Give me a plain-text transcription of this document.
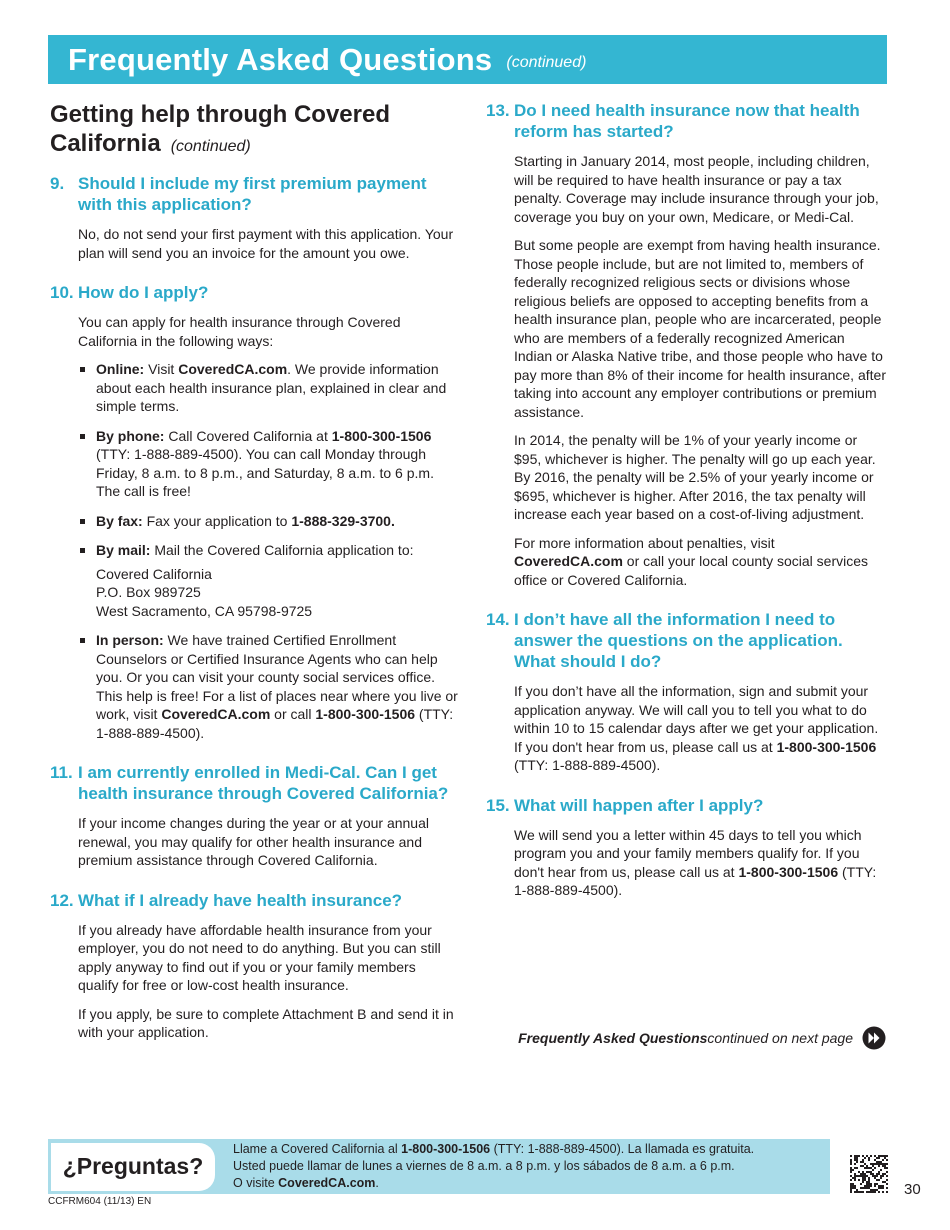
Frequently Asked Questions (continued)
Getting help through Covered California (continued)
9. Should I include my first premium payment with this application?

No, do not send your first payment with this application. Your plan will send you an invoice for the amount you owe.

10. How do I apply?

You can apply for health insurance through Covered California in the following ways:

Online: Visit CoveredCA.com. We provide information about each health insurance plan, explained in clear and simple terms.
By phone: Call Covered California at 1-800-300-1506 (TTY: 1-888-889-4500). You can call Monday through Friday, 8 a.m. to 8 p.m., and Saturday, 8 a.m. to 6 p.m. The call is free!
By fax: Fax your application to 1-888-329-3700.
By mail: Mail the Covered California application to:
Covered California
P.O. Box 989725
West Sacramento, CA 95798-9725
In person: We have trained Certified Enrollment Counselors or Certified Insurance Agents who can help you. Or you can visit your county social services office. This help is free! For a list of places near where you live or work, visit CoveredCA.com or call 1-800-300-1506 (TTY: 1-888-889-4500).
11. I am currently enrolled in Medi-Cal. Can I get health insurance through Covered California?

If your income changes during the year or at your annual renewal, you may qualify for other health insurance and premium assistance through Covered California.

12. What if I already have health insurance?

If you already have affordable health insurance from your employer, you do not need to do anything. But you can still apply anyway to find out if you or your family members qualify for free or low-cost health insurance.

If you apply, be sure to complete Attachment B and send it in with your application.

13. Do I need health insurance now that health reform has started?

Starting in January 2014, most people, including children, will be required to have health insurance or pay a tax penalty. Coverage may include insurance through your job, coverage you buy on your own, Medicare, or Medi-Cal.

But some people are exempt from having health insurance. Those people include, but are not limited to, members of federally recognized religious sects or divisions whose religious beliefs are opposed to accepting benefits from a health insurance plan, people who are incarcerated, people who are members of a federally recognized American Indian or Alaska Native tribe, and those people who have to pay more than 8% of their income for health insurance, after taking into account any employer contributions or premium assistance.

In 2014, the penalty will be 1% of your yearly income or $95, whichever is higher. The penalty will go up each year. By 2016, the penalty will be 2.5% of your yearly income or $695, whichever is higher. After 2016, the tax penalty will increase each year based on a cost-of-living adjustment.

For more information about penalties, visit CoveredCA.com or call your local county social services office or Covered California.

14. I don’t have all the information I need to answer the questions on the application. What should I do?

If you don’t have all the information, sign and submit your application anyway. We will call you to tell you what to do within 10 to 15 calendar days after we get your application. If you don't hear from us, please call us at 1-800-300-1506 (TTY: 1-888-889-4500).

15. What will happen after I apply?

We will send you a letter within 45 days to tell you which program you and your family members qualify for. If you don't hear from us, please call us at 1-800-300-1506 (TTY: 1-888-889-4500).

Frequently Asked Questions continued on next page
¿Preguntas?
Llame a Covered California al 1-800-300-1506 (TTY: 1-888-889-4500). La llamada es gratuita.
Usted puede llamar de lunes a viernes de 8 a.m. a 8 p.m. y los sábados de 8 a.m. a 6 p.m.
O visite CoveredCA.com.	30
CCFRM604 (11/13) EN
